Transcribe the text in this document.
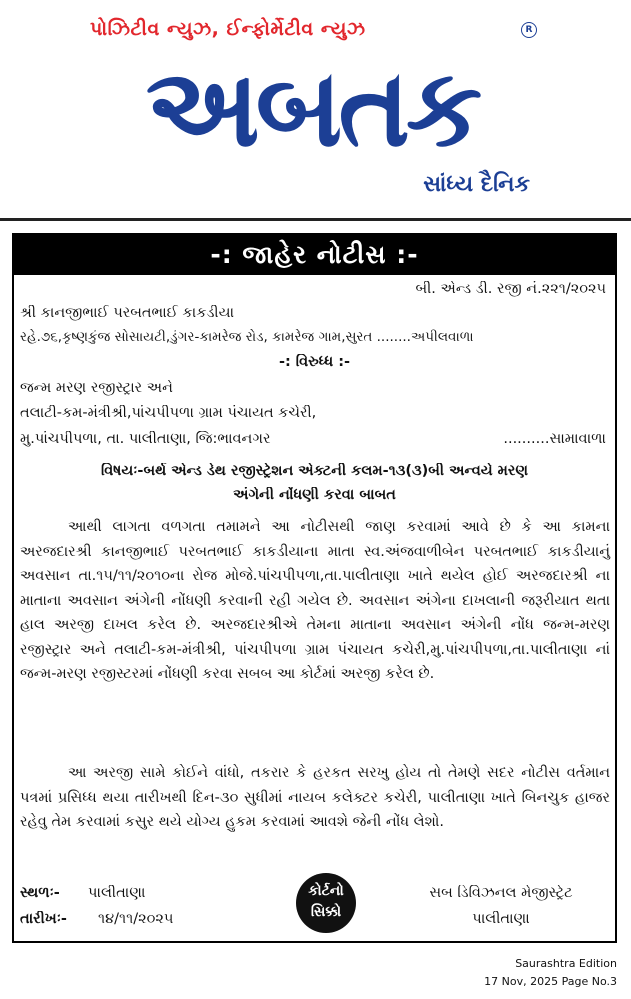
પોઝિટીવ ન્યુઝ, ઈન્ફોર્મેટીવ ન્યુઝ	R
અબતક
સાંધ્ય દૈનિક
-: જાહેર નોટીસ :-
બી. એન્ડ ડી. રજી નં.૨૨૧/૨૦૨૫
શ્રી કાનજીભાઈ પરબતભાઈ કાકડીયા
રહે.૭૬,કૃષ્ણકુંજ સોસાયટી,ડુંગર-કામરેજ રોડ, કામરેજ ગામ,સુરત ........અપીલવાળા
-: વિરુધ્ધ :-
જન્મ મરણ રજીસ્ટ્રાર અને
તલાટી-કમ-મંત્રીશ્રી,પાંચપીપળા ગ્રામ પંચાયત કચેરી,
મુ.પાંચપીપળા, તા. પાલીતાણા, જિ:ભાવનગર	..........સામાવાળા
વિષયઃ-બર્થ એન્ડ ડેથ રજીસ્ટ્રેશન એક્ટની કલમ-૧૩(૩)બી અન્વયે મરણ
અંગેની નોંધણી કરવા બાબત
આથી લાગતા વળગતા તમામને આ નોટીસથી જાણ કરવામાં આવે છે કે આ કામના અરજદારશ્રી કાનજીભાઈ પરબતભાઈ કાકડીયાના માતા સ્વ.અંજવાળીબેન પરબતભાઈ કાકડીયાનું અવસાન તા.૧૫/૧૧/૨૦૧૦ના રોજ મોજે.પાંચપીપળા,તા.પાલીતાણા ખાતે થયેલ હોઈ અરજદારશ્રી ના માતાના અવસાન અંગેની નોંધણી કરવાની રહી ગયેલ છે. અવસાન અંગેના દાખલાની જરૂરીયાત થતા હાલ અરજી દાખલ કરેલ છે. અરજદારશ્રીએ તેમના માતાના અવસાન અંગેની નોંધ જન્મ-મરણ રજીસ્ટ્રાર અને તલાટી-કમ-મંત્રીશ્રી, પાંચપીપળા ગ્રામ પંચાયત કચેરી,મુ.પાંચપીપળા,તા.પાલીતાણા નાં જન્મ-મરણ રજીસ્ટરમાં નોંધણી કરવા સબબ આ કોર્ટમાં અરજી કરેલ છે.
આ અરજી સામે કોઈને વાંધો, તકરાર કે હરકત સરખુ હોય તો તેમણે સદર નોટીસ વર્તમાન પત્રમાં પ્રસિધ્ધ થયા તારીખથી દિન-૩૦ સુધીમાં નાયબ કલેક્ટર કચેરી, પાલીતાણા ખાતે બિનચુક હાજર રહેવુ તેમ કરવામાં કસુર થયે યોગ્ય હુકમ કરવામાં આવશે જેની નોંધ લેશો.
સ્થળઃ-	પાલીતાણા
તારીખઃ-	૧૪/૧૧/૨૦૨૫
કોર્ટનો
સિક્કો
સબ ડિવિઝનલ મેજીસ્ટ્રેટ
પાલીતાણા
Saurashtra Edition
17 Nov, 2025 Page No.3
